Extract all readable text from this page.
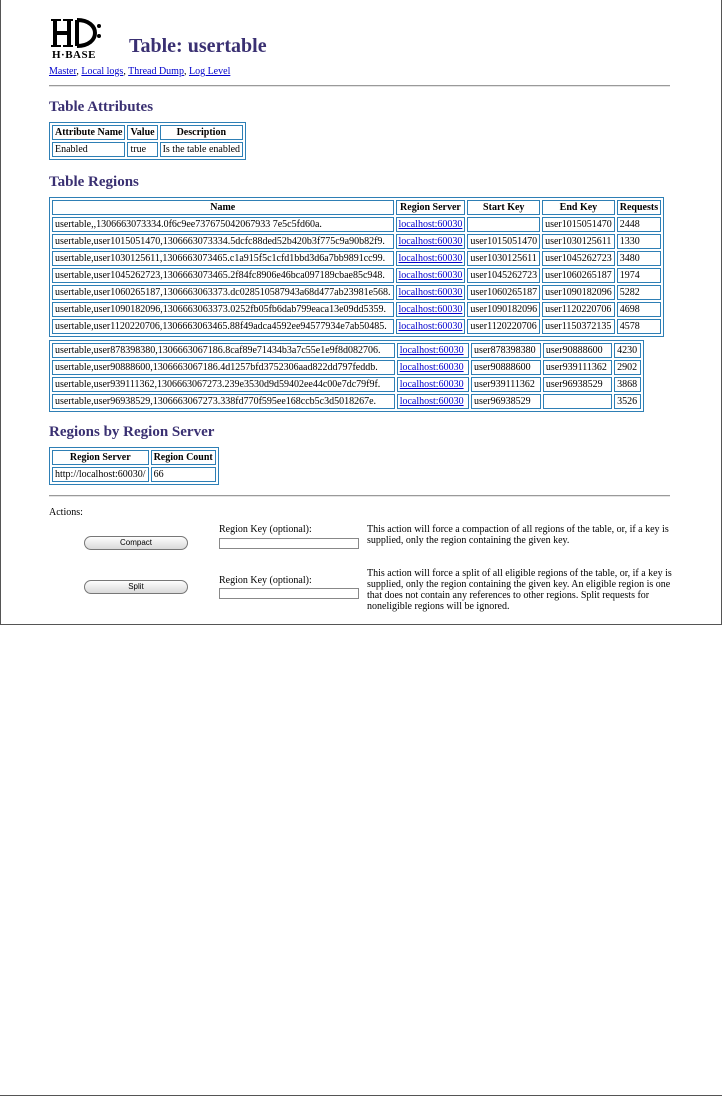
H·BASE Table: usertable
Master, Local logs, Thread Dump, Log Level
Table Attributes
Attribute Name	Value	Description
Enabled	true	Is the table enabled
Table Regions
Name	Region Server	Start Key	End Key	Requests
usertable,,1306663073334.0f6c9ee737675042067933 7e5c5fd60a.	localhost:60030		user1015051470	2448
usertable,user1015051470,1306663073334.5dcfc88ded52b420b3f775c9a90b82f9.	localhost:60030	user1015051470	user1030125611	1330
usertable,user1030125611,1306663073465.c1a915f5c1cfd1bbd3d6a7bb9891cc99.	localhost:60030	user1030125611	user1045262723	3480
usertable,user1045262723,1306663073465.2f84fc8906e46bca097189cbae85c948.	localhost:60030	user1045262723	user1060265187	1974
usertable,user1060265187,1306663063373.dc028510587943a68d477ab23981e568.	localhost:60030	user1060265187	user1090182096	5282
usertable,user1090182096,1306663063373.0252fb05fb6dab799eaca13e09dd5359.	localhost:60030	user1090182096	user1120220706	4698
usertable,user1120220706,1306663063465.88f49adca4592ee94577934e7ab50485.	localhost:60030	user1120220706	user1150372135	4578
usertable,user878398380,1306663067186.8caf89e71434b3a7c55e1e9f8d082706.	localhost:60030	user878398380	user90888600	4230
usertable,user90888600,1306663067186.4d1257bfd3752306aad822dd797feddb.	localhost:60030	user90888600	user939111362	2902
usertable,user939111362,1306663067273.239e3530d9d59402ee44c00e7dc79f9f.	localhost:60030	user939111362	user96938529	3868
usertable,user96938529,1306663067273.338fd770f595ee168ccb5c3d5018267e.	localhost:60030	user96938529		3526
Regions by Region Server
Region Server	Region Count
http://localhost:60030/	66
Actions:
Compact
Region Key (optional):	This action will force a compaction of all regions of the table, or, if a key is supplied, only the region containing the given key.
Split
Region Key (optional):
This action will force a split of all eligible regions of the table, or, if a key is supplied, only the region containing the given key. An eligible region is one that does not contain any references to other regions. Split requests for noneligible regions will be ignored.
